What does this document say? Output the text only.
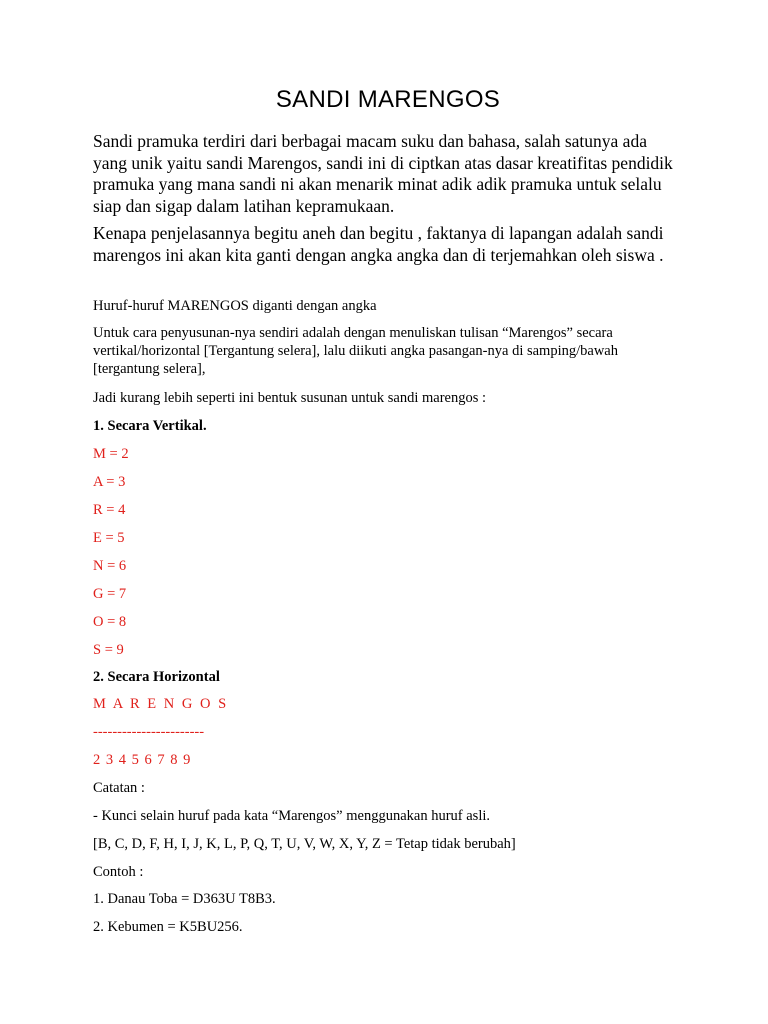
SANDI MARENGOS

Sandi pramuka terdiri dari berbagai macam suku dan bahasa, salah satunya ada yang unik yaitu sandi Marengos, sandi ini di ciptkan atas dasar kreatifitas pendidik pramuka yang mana sandi ni akan menarik minat adik adik pramuka untuk selalu siap dan sigap dalam latihan kepramukaan.

Kenapa penjelasannya begitu aneh dan begitu , faktanya di lapangan adalah sandi marengos ini akan kita ganti dengan angka angka dan di terjemahkan oleh siswa .

Huruf-huruf MARENGOS diganti dengan angka

Untuk cara penyusunan-nya sendiri adalah dengan menuliskan tulisan “Marengos” secara vertikal/horizontal [Tergantung selera], lalu diikuti angka pasangan-nya di samping/bawah [tergantung selera],

Jadi kurang lebih seperti ini bentuk susunan untuk sandi marengos :

1. Secara Vertikal.

M = 2

A = 3

R = 4

E = 5

N = 6

G = 7

O = 8

S = 9

2. Secara Horizontal

M A R E N G O S

-----------------------

2 3 4 5 6 7 8 9

Catatan :

- Kunci selain huruf pada kata “Marengos” menggunakan huruf asli.

[B, C, D, F, H, I, J, K, L, P, Q, T, U, V, W, X, Y, Z = Tetap tidak berubah]

Contoh :

1. Danau Toba = D363U T8B3.

2. Kebumen = K5BU256.
